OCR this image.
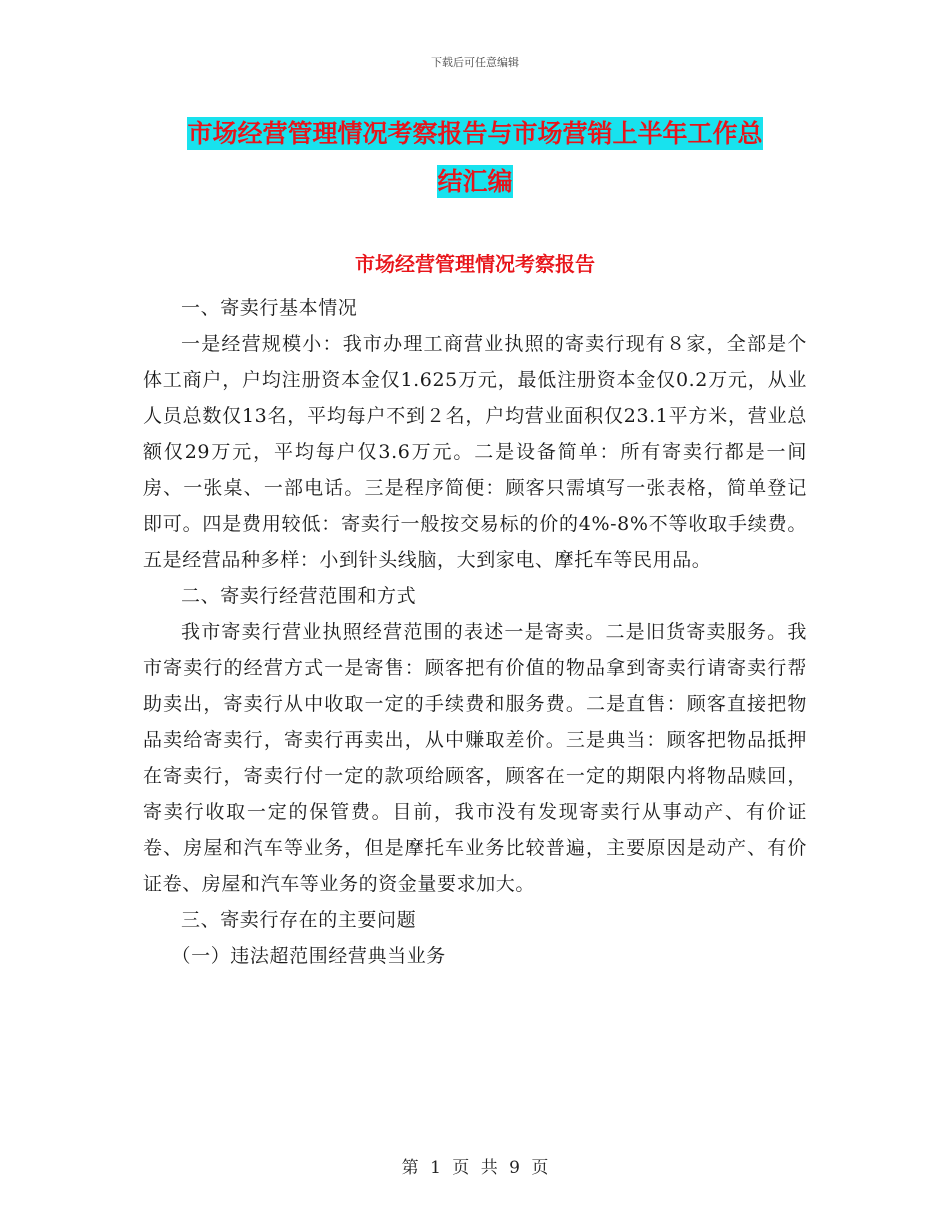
下载后可任意编辑
市场经营管理情况考察报告与市场营销上半年工作总
结汇编
市场经营管理情况考察报告

一、寄卖行基本情况

一是经营规模小：我市办理工商营业执照的寄卖行现有８家，全部是个体工商户，户均注册资本金仅1.625万元，最低注册资本金仅0.2万元，从业人员总数仅13名，平均每户不到２名，户均营业面积仅23.1平方米，营业总额仅29万元，平均每户仅3.6万元。二是设备简单：所有寄卖行都是一间房、一张桌、一部电话。三是程序简便：顾客只需填写一张表格，简单登记即可。四是费用较低：寄卖行一般按交易标的价的4%-8%不等收取手续费。五是经营品种多样：小到针头线脑，大到家电、摩托车等民用品。

二、寄卖行经营范围和方式

我市寄卖行营业执照经营范围的表述一是寄卖。二是旧货寄卖服务。我市寄卖行的经营方式一是寄售：顾客把有价值的物品拿到寄卖行请寄卖行帮助卖出，寄卖行从中收取一定的手续费和服务费。二是直售：顾客直接把物品卖给寄卖行，寄卖行再卖出，从中赚取差价。三是典当：顾客把物品抵押在寄卖行，寄卖行付一定的款项给顾客，顾客在一定的期限内将物品赎回，寄卖行收取一定的保管费。目前，我市没有发现寄卖行从事动产、有价证卷、房屋和汽车等业务，但是摩托车业务比较普遍，主要原因是动产、有价证卷、房屋和汽车等业务的资金量要求加大。

三、寄卖行存在的主要问题

（一）违法超范围经营典当业务

第 1 页 共 9 页
